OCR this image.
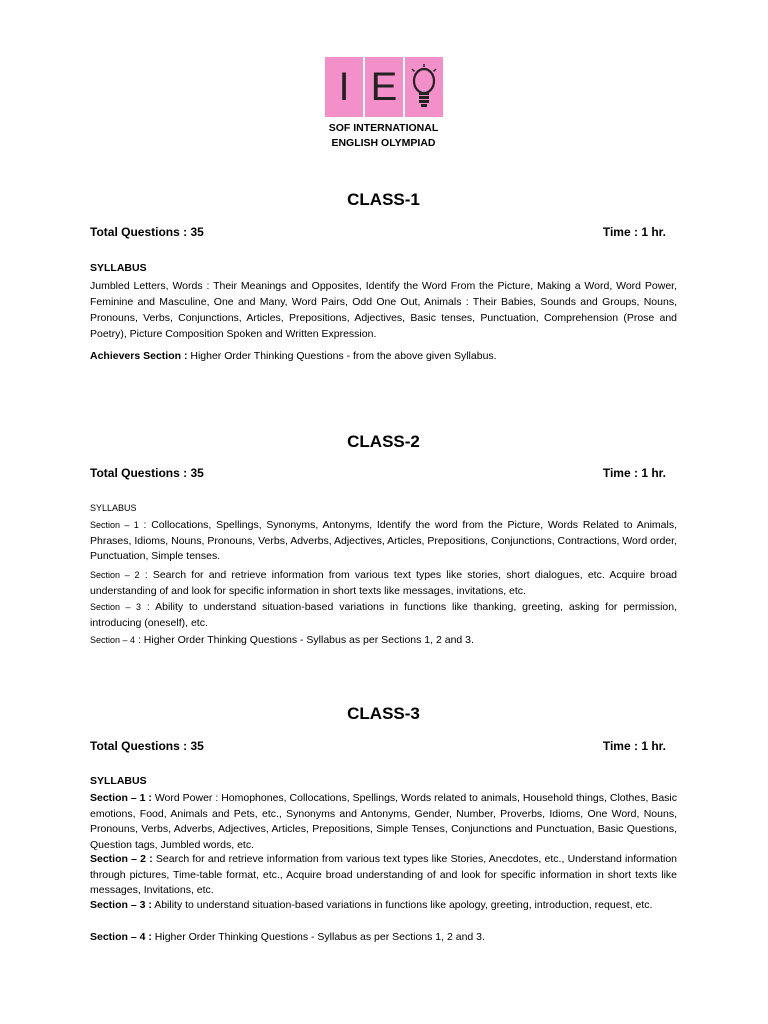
I E
SOF INTERNATIONAL
ENGLISH OLYMPIAD
CLASS-1
Total Questions : 35	Time : 1 hr.
SYLLABUS
Jumbled Letters, Words : Their Meanings and Opposites, Identify the Word From the Picture, Making a Word, Word Power, Feminine and Masculine, One and Many, Word Pairs, Odd One Out, Animals : Their Babies, Sounds and Groups, Nouns, Pronouns, Verbs, Conjunctions, Articles, Prepositions, Adjectives, Basic tenses, Punctuation, Comprehension (Prose and Poetry), Picture Composition Spoken and Written Expression.
Achievers Section : Higher Order Thinking Questions - from the above given Syllabus.
CLASS-2
Total Questions : 35	Time : 1 hr.
SYLLABUS
Section – 1 : Collocations, Spellings, Synonyms, Antonyms, Identify the word from the Picture, Words Related to Animals, Phrases, Idioms, Nouns, Pronouns, Verbs, Adverbs, Adjectives, Articles, Prepositions, Conjunctions, Contractions, Word order, Punctuation, Simple tenses.
Section – 2 : Search for and retrieve information from various text types like stories, short dialogues, etc. Acquire broad understanding of and look for specific information in short texts like messages, invitations, etc.
Section – 3 : Ability to understand situation-based variations in functions like thanking, greeting, asking for permission, introducing (oneself), etc.
Section – 4 : Higher Order Thinking Questions - Syllabus as per Sections 1, 2 and 3.
CLASS-3
Total Questions : 35	Time : 1 hr.
SYLLABUS
Section – 1 : Word Power : Homophones, Collocations, Spellings, Words related to animals, Household things, Clothes, Basic emotions, Food, Animals and Pets, etc., Synonyms and Antonyms, Gender, Number, Proverbs, Idioms, One Word, Nouns, Pronouns, Verbs, Adverbs, Adjectives, Articles, Prepositions, Simple Tenses, Conjunctions and Punctuation, Basic Questions, Question tags, Jumbled words, etc.
Section – 2 : Search for and retrieve information from various text types like Stories, Anecdotes, etc., Understand information through pictures, Time-table format, etc., Acquire broad understanding of and look for specific information in short texts like messages, Invitations, etc.
Section – 3 : Ability to understand situation-based variations in functions like apology, greeting, introduction, request, etc.
Section – 4 : Higher Order Thinking Questions - Syllabus as per Sections 1, 2 and 3.
